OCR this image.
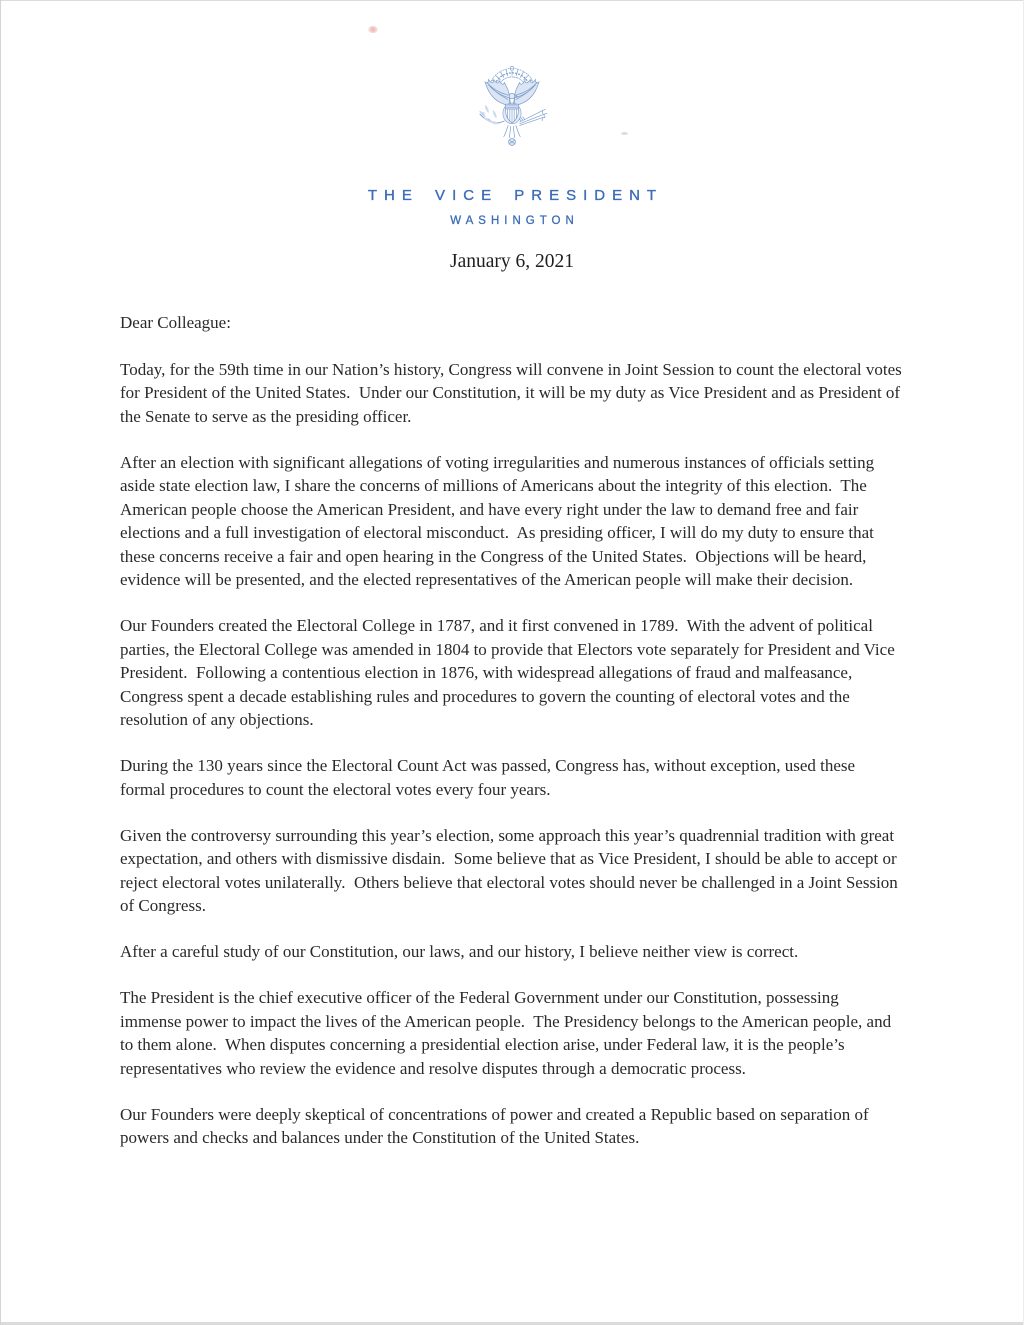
THE VICE PRESIDENT
WASHINGTON
January 6, 2021
Dear Colleague:

Today, for the 59th time in our Nation’s history, Congress will convene in Joint Session to count the electoral votes for President of the United States.  Under our Constitution, it will be my duty as Vice President and as President of the Senate to serve as the presiding officer.

After an election with significant allegations of voting irregularities and numerous instances of officials setting aside state election law, I share the concerns of millions of Americans about the integrity of this election.  The American people choose the American President, and have every right under the law to demand free and fair elections and a full investigation of electoral misconduct.  As presiding officer, I will do my duty to ensure that these concerns receive a fair and open hearing in the Congress of the United States.  Objections will be heard, evidence will be presented, and the elected representatives of the American people will make their decision.

Our Founders created the Electoral College in 1787, and it first convened in 1789.  With the advent of political parties, the Electoral College was amended in 1804 to provide that Electors vote separately for President and Vice President.  Following a contentious election in 1876, with widespread allegations of fraud and malfeasance, Congress spent a decade establishing rules and procedures to govern the counting of electoral votes and the resolution of any objections.

During the 130 years since the Electoral Count Act was passed, Congress has, without exception, used these formal procedures to count the electoral votes every four years.

Given the controversy surrounding this year’s election, some approach this year’s quadrennial tradition with great expectation, and others with dismissive disdain.  Some believe that as Vice President, I should be able to accept or reject electoral votes unilaterally.  Others believe that electoral votes should never be challenged in a Joint Session of Congress.

After a careful study of our Constitution, our laws, and our history, I believe neither view is correct.

The President is the chief executive officer of the Federal Government under our Constitution, possessing immense power to impact the lives of the American people.  The Presidency belongs to the American people, and to them alone.  When disputes concerning a presidential election arise, under Federal law, it is the people’s representatives who review the evidence and resolve disputes through a democratic process.

Our Founders were deeply skeptical of concentrations of power and created a Republic based on separation of powers and checks and balances under the Constitution of the United States.
